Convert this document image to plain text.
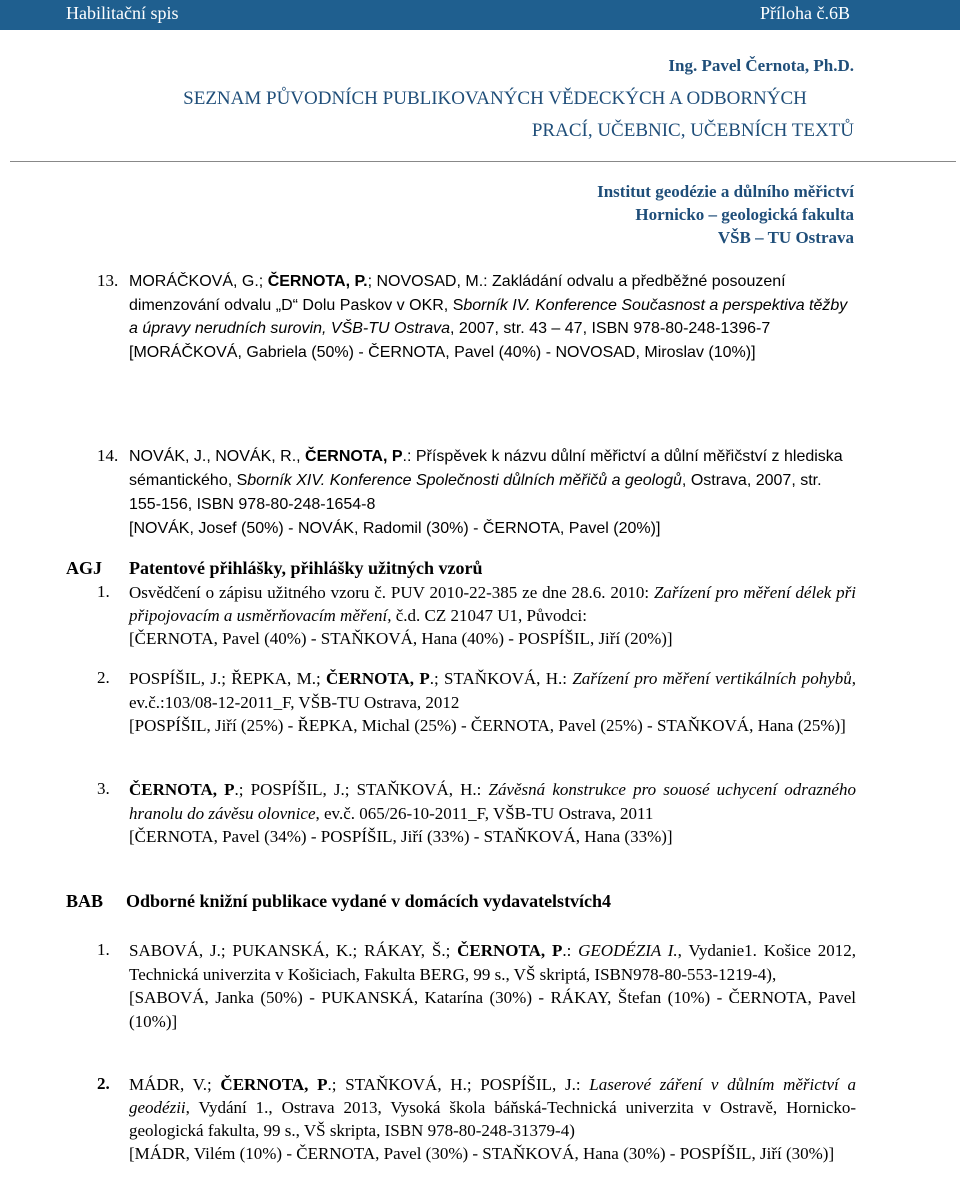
Habilitační spis	Příloha č.6B
Ing. Pavel Černota, Ph.D.
SEZNAM PŮVODNÍCH PUBLIKOVANÝCH VĚDECKÝCH A ODBORNÝCH
PRACÍ, UČEBNIC, UČEBNÍCH TEXTŮ
Institut geodézie a důlního měřictví
Hornicko – geologická fakulta
VŠB – TU Ostrava
13. MORÁČKOVÁ, G.; ČERNOTA, P.; NOVOSAD, M.: Zakládání odvalu a předběžné posouzení dimenzování odvalu „D“ Dolu Paskov v OKR, Sborník IV. Konference Současnost a perspektiva těžby a úpravy nerudních surovin, VŠB-TU Ostrava, 2007, str. 43 – 47, ISBN 978-80-248-1396-7
[MORÁČKOVÁ, Gabriela (50%) - ČERNOTA, Pavel (40%) - NOVOSAD, Miroslav (10%)]
14. NOVÁK, J., NOVÁK, R., ČERNOTA, P.: Příspěvek k názvu důlní měřictví a důlní měřičství z hlediska sémantického, Sborník XIV. Konference Společnosti důlních měřičů a geologů, Ostrava, 2007, str. 155-156, ISBN 978-80-248-1654-8
[NOVÁK, Josef (50%) - NOVÁK, Radomil (30%) - ČERNOTA, Pavel (20%)]
AGJ Patentové přihlášky, přihlášky užitných vzorů
1. Osvědčení o zápisu užitného vzoru č. PUV 2010-22-385 ze dne 28.6. 2010: Zařízení pro měření délek při připojovacím a usměrňovacím měření, č.d. CZ 21047 U1, Původci:
[ČERNOTA, Pavel (40%) - STAŇKOVÁ, Hana (40%) - POSPÍŠIL, Jiří (20%)]
2. POSPÍŠIL, J.; ŘEPKA, M.; ČERNOTA, P.; STAŇKOVÁ, H.: Zařízení pro měření vertikálních pohybů, ev.č.:103/08-12-2011_F, VŠB-TU Ostrava, 2012
[POSPÍŠIL, Jiří (25%) - ŘEPKA, Michal (25%) - ČERNOTA, Pavel (25%) - STAŇKOVÁ, Hana (25%)]
3. ČERNOTA, P.; POSPÍŠIL, J.; STAŇKOVÁ, H.: Závěsná konstrukce pro souosé uchycení odrazného hranolu do závěsu olovnice, ev.č. 065/26-10-2011_F, VŠB-TU Ostrava, 2011
[ČERNOTA, Pavel (34%) - POSPÍŠIL, Jiří (33%) - STAŇKOVÁ, Hana (33%)]
BAB Odborné knižní publikace vydané v domácích vydavatelstvích4
1. SABOVÁ, J.; PUKANSKÁ, K.; RÁKAY, Š.; ČERNOTA, P.: GEODÉZIA I., Vydanie1. Košice 2012, Technická univerzita v Košiciach, Fakulta BERG, 99 s., VŠ skriptá, ISBN978-80-553-1219-4),
[SABOVÁ, Janka (50%) - PUKANSKÁ, Katarína (30%) - RÁKAY, Štefan (10%) - ČERNOTA, Pavel (10%)]
2. MÁDR, V.; ČERNOTA, P.; STAŇKOVÁ, H.; POSPÍŠIL, J.: Laserové záření v důlním měřictví a geodézii, Vydání 1., Ostrava 2013, Vysoká škola báňská-Technická univerzita v Ostravě, Hornicko-geologická fakulta, 99 s., VŠ skripta, ISBN 978-80-248-31379-4)
[MÁDR, Vilém (10%) - ČERNOTA, Pavel (30%) - STAŇKOVÁ, Hana (30%) - POSPÍŠIL, Jiří (30%)]
